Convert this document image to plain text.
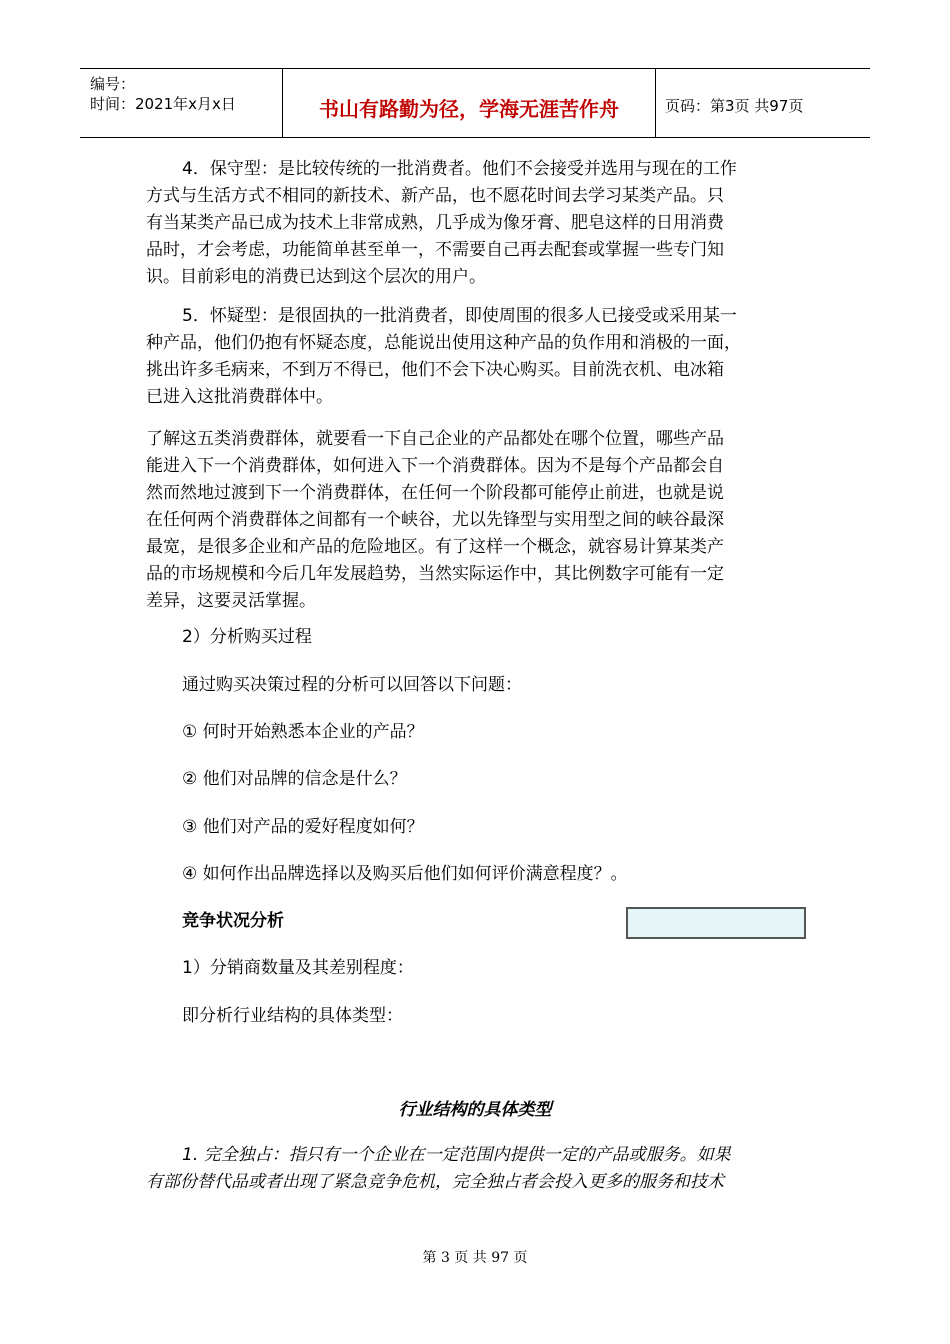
编号：
时间：2021年x月x日	书山有路勤为径，学海无涯苦作舟	页码：第3页 共97页
4．保守型：是比较传统的一批消费者。他们不会接受并选用与现在的工作
方式与生活方式不相同的新技术、新产品，也不愿花时间去学习某类产品。只
有当某类产品已成为技术上非常成熟，几乎成为像牙膏、肥皂这样的日用消费
品时，才会考虑，功能简单甚至单一，不需要自己再去配套或掌握一些专门知
识。目前彩电的消费已达到这个层次的用户。
5．怀疑型：是很固执的一批消费者，即使周围的很多人已接受或采用某一
种产品，他们仍抱有怀疑态度，总能说出使用这种产品的负作用和消极的一面，
挑出许多毛病来，不到万不得已，他们不会下决心购买。目前洗衣机、电冰箱
已进入这批消费群体中。
了解这五类消费群体，就要看一下自己企业的产品都处在哪个位置，哪些产品
能进入下一个消费群体，如何进入下一个消费群体。因为不是每个产品都会自
然而然地过渡到下一个消费群体，在任何一个阶段都可能停止前进，也就是说
在任何两个消费群体之间都有一个峡谷，尤以先锋型与实用型之间的峡谷最深
最宽，是很多企业和产品的危险地区。有了这样一个概念，就容易计算某类产
品的市场规模和今后几年发展趋势，当然实际运作中，其比例数字可能有一定
差异，这要灵活掌握。
2）分析购买过程
通过购买决策过程的分析可以回答以下问题：
① 何时开始熟悉本企业的产品？
② 他们对品牌的信念是什么？
③ 他们对产品的爱好程度如何？
④ 如何作出品牌选择以及购买后他们如何评价满意程度？。
竞争状况分析
1）分销商数量及其差别程度：
即分析行业结构的具体类型：
行业结构的具体类型
1. 完全独占：指只有一个企业在一定范围内提供一定的产品或服务。如果
有部份替代品或者出现了紧急竞争危机，完全独占者会投入更多的服务和技术
第 3 页 共 97 页
